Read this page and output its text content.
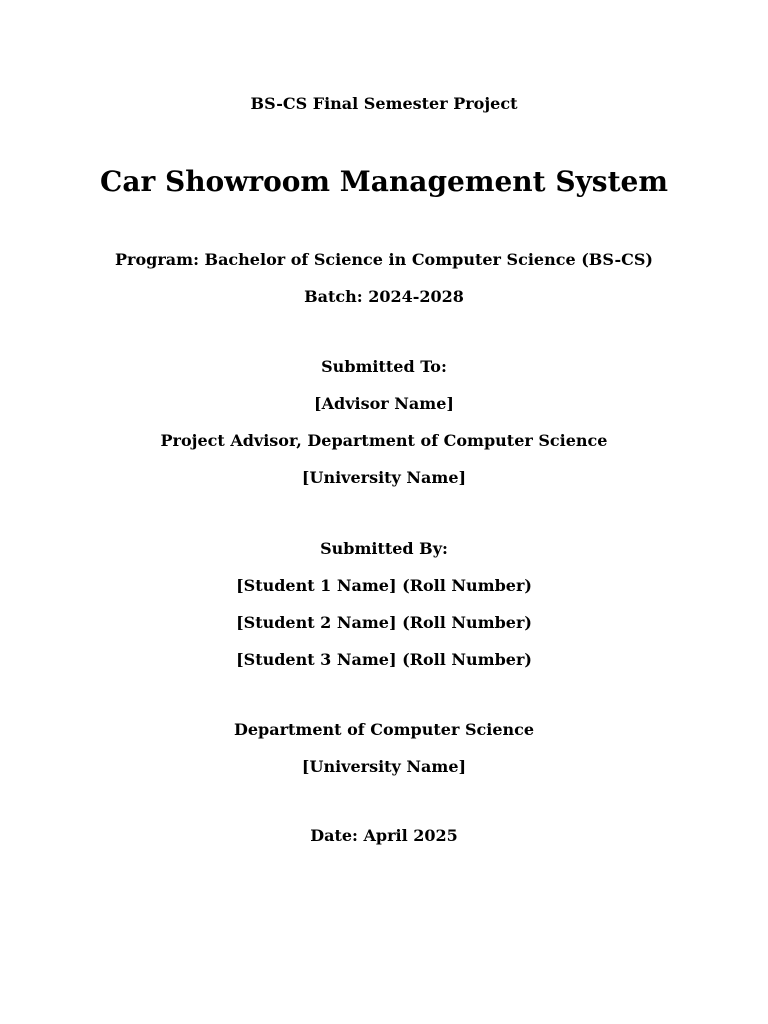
BS-CS Final Semester Project
Car Showroom Management System
Program: Bachelor of Science in Computer Science (BS-CS)
Batch: 2024-2028
Submitted To:
[Advisor Name]
Project Advisor, Department of Computer Science
[University Name]
Submitted By:
[Student 1 Name] (Roll Number)
[Student 2 Name] (Roll Number)
[Student 3 Name] (Roll Number)
Department of Computer Science
[University Name]
Date: April 2025
